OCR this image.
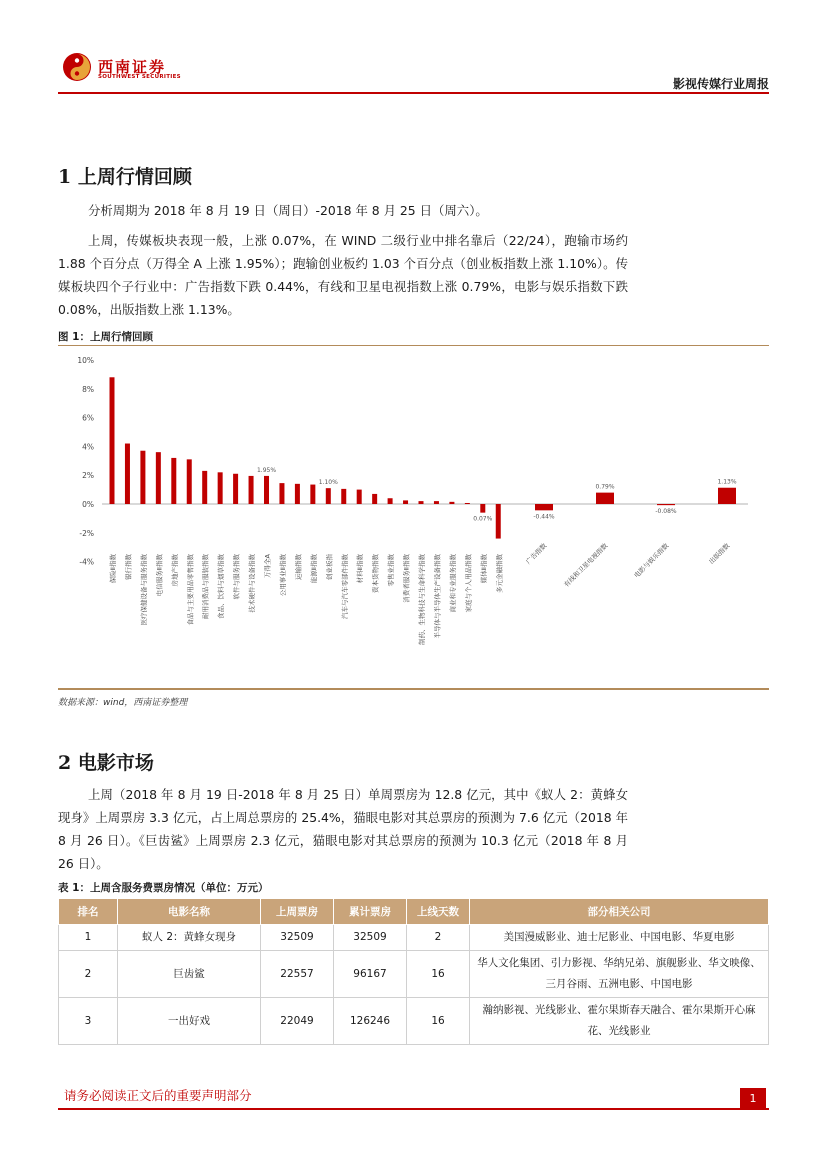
西南证券
SOUTHWEST SECURITIES	影视传媒行业周报
1 上周行情回顾
分析周期为 2018 年 8 月 19 日（周日）-2018 年 8 月 25 日（周六）。
上周，传媒板块表现一般，上涨 0.07%，在 WIND 二级行业中排名靠后（22/24），跑输市场约 1.88 个百分点（万得全 A 上涨 1.95%）；跑输创业板约 1.03 个百分点（创业板指数上涨 1.10%）。传媒板块四个子行业中：广告指数下跌 0.44%，有线和卫星电视指数上涨 0.79%，电影与娱乐指数下跌 0.08%，出版指数上涨 1.13%。
图 1：上周行情回顾
10%
8%
6%
4%
2%
0%
-2%
-4% 保险Ⅱ指数 银行指数 医疗保健设备与服务指数 电信服务Ⅱ指数 房地产指数 食品与主要用品零售指数 耐用消费品与服装指数 食品、饮料与烟草指数 软件与服务指数 技术硬件与设备指数
1.95%
万得全A 公用事业Ⅱ指数 运输指数 能源Ⅱ指数
1.10%
创业板指 汽车与汽车零部件指数 材料Ⅱ指数 资本货物指数 零售业指数 消费者服务Ⅱ指数 制药、生物科技与生命科学指数 半导体与半导体生产设备指数 商业和专业服务指数 家庭与个人用品指数
0.07%
媒体Ⅱ指数 多元金融指数
-0.44%
广告指数
0.79%
有线和卫星电视指数
-0.08%
电影与娱乐指数
1.13%
出版指数
数据来源：wind，西南证券整理
2 电影市场
上周（2018 年 8 月 19 日-2018 年 8 月 25 日）单周票房为 12.8 亿元，其中《蚁人 2：黄蜂女现身》上周票房 3.3 亿元，占上周总票房的 25.4%，猫眼电影对其总票房的预测为 7.6 亿元（2018 年 8 月 26 日）。《巨齿鲨》上周票房 2.3 亿元，猫眼电影对其总票房的预测为 10.3 亿元（2018 年 8 月 26 日）。
表 1：上周含服务费票房情况（单位：万元）
排名	电影名称	上周票房	累计票房	上线天数	部分相关公司
1	蚁人 2：黄蜂女现身	32509	32509	2	美国漫威影业、迪士尼影业、中国电影、华夏电影
2	巨齿鲨	22557	96167	16	华人文化集团、引力影视、华纳兄弟、旗舰影业、华文映像、三月谷雨、五洲电影、中国电影
3	一出好戏	22049	126246	16	瀚纳影视、光线影业、霍尔果斯春天融合、霍尔果斯开心麻花、光线影业
请务必阅读正文后的重要声明部分	1
